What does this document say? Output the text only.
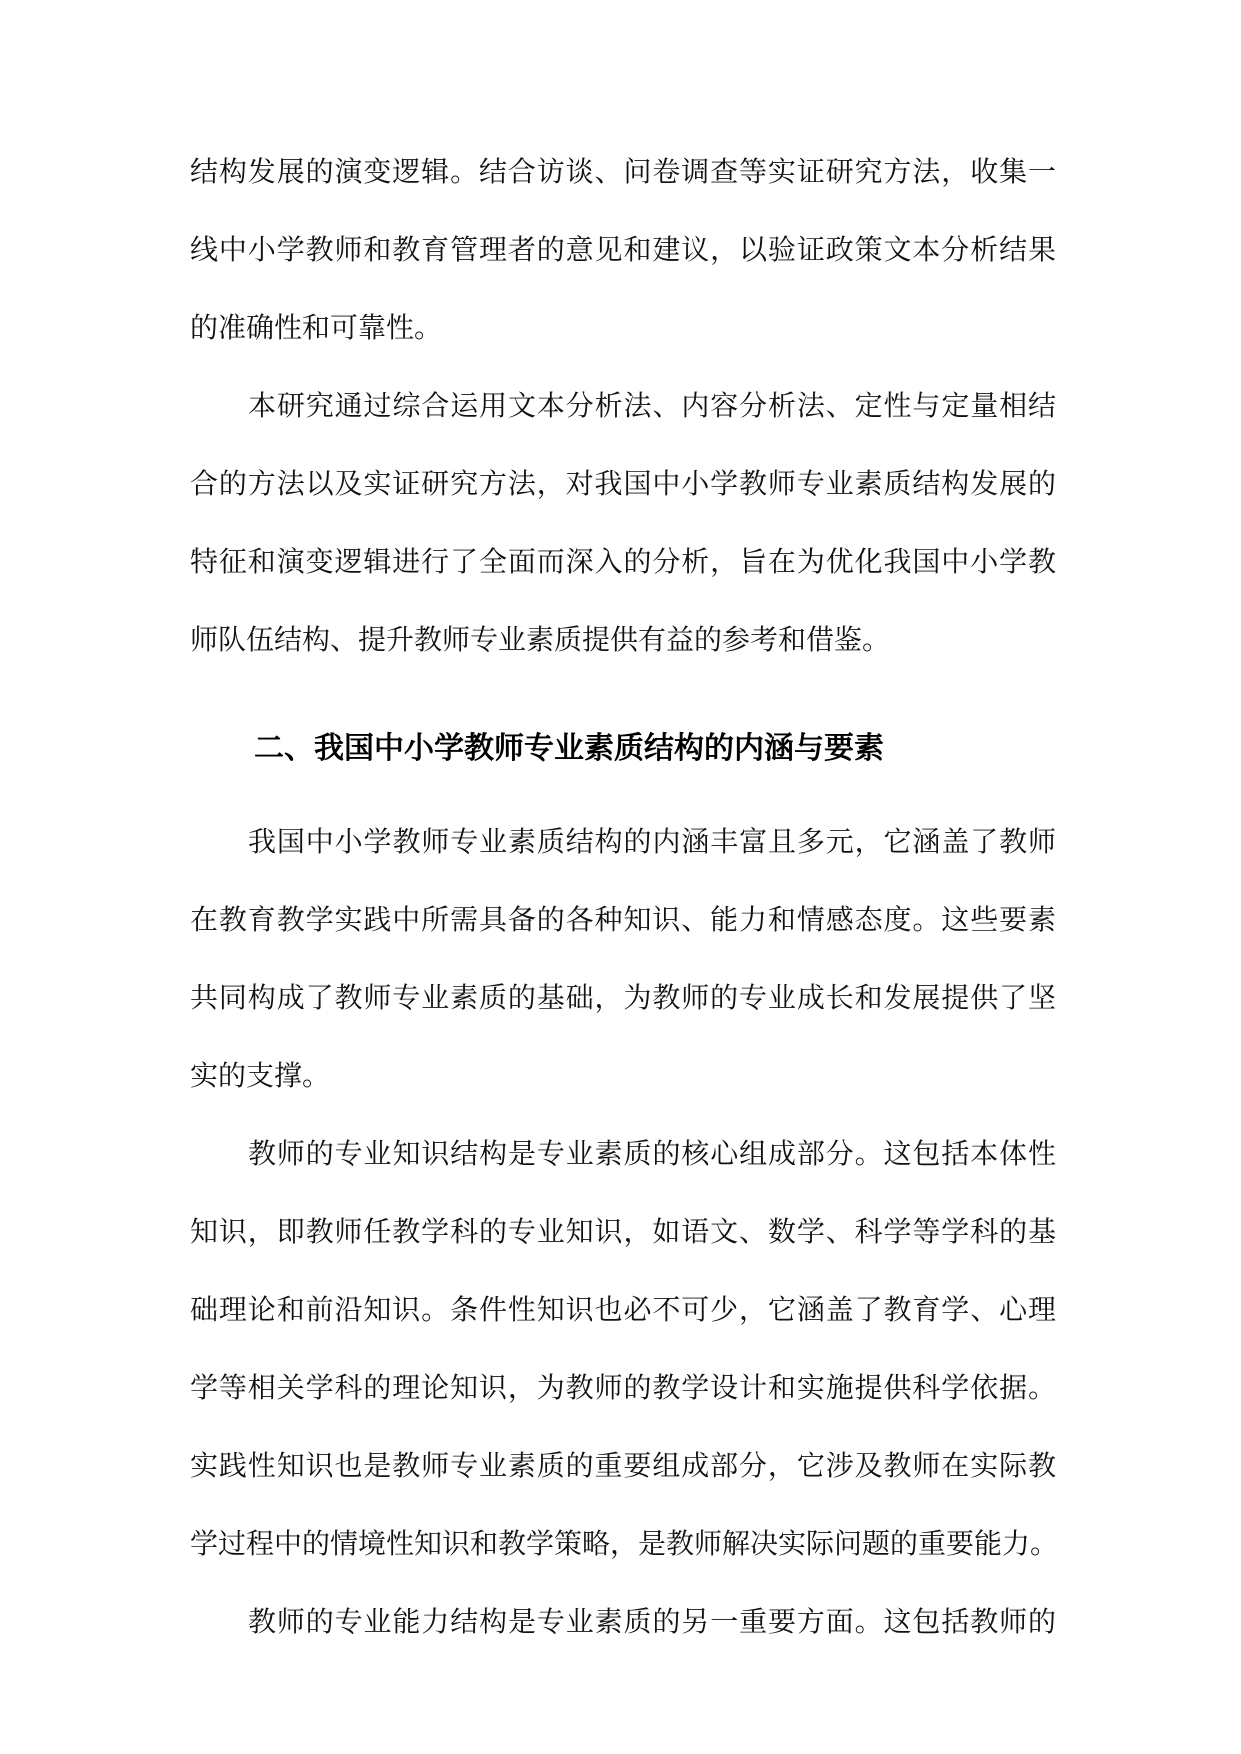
结构发展的演变逻辑。结合访谈、问卷调查等实证研究方法，收集一
线中小学教师和教育管理者的意见和建议，以验证政策文本分析结果
的准确性和可靠性。
本研究通过综合运用文本分析法、内容分析法、定性与定量相结
合的方法以及实证研究方法，对我国中小学教师专业素质结构发展的
特征和演变逻辑进行了全面而深入的分析，旨在为优化我国中小学教
师队伍结构、提升教师专业素质提供有益的参考和借鉴。
二、我国中小学教师专业素质结构的内涵与要素
我国中小学教师专业素质结构的内涵丰富且多元，它涵盖了教师
在教育教学实践中所需具备的各种知识、能力和情感态度。这些要素
共同构成了教师专业素质的基础，为教师的专业成长和发展提供了坚
实的支撑。
教师的专业知识结构是专业素质的核心组成部分。这包括本体性
知识，即教师任教学科的专业知识，如语文、数学、科学等学科的基
础理论和前沿知识。条件性知识也必不可少，它涵盖了教育学、心理
学等相关学科的理论知识，为教师的教学设计和实施提供科学依据。
实践性知识也是教师专业素质的重要组成部分，它涉及教师在实际教
学过程中的情境性知识和教学策略，是教师解决实际问题的重要能力。
教师的专业能力结构是专业素质的另一重要方面。这包括教师的
